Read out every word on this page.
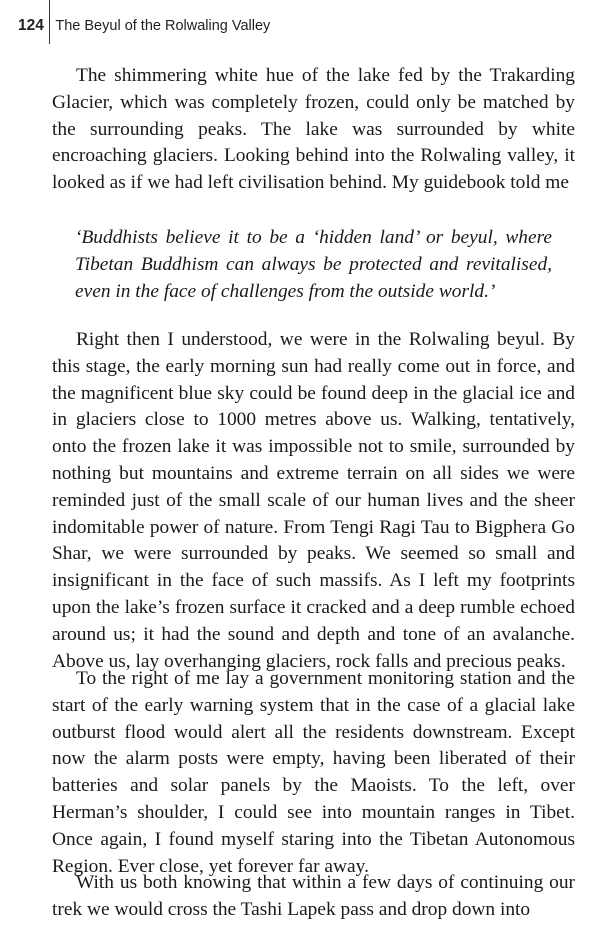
124 The Beyul of the Rolwaling Valley

The shimmering white hue of the lake fed by the Trakarding Glacier, which was completely frozen, could only be matched by the surrounding peaks. The lake was surrounded by white encroaching glaciers. Looking behind into the Rolwaling valley, it looked as if we had left civilisation behind. My guidebook told me

‘Buddhists believe it to be a ‘hidden land’ or beyul, where Tibetan Buddhism can always be protected and revitalised, even in the face of challenges from the outside world.’

Right then I understood, we were in the Rolwaling beyul. By this stage, the early morning sun had really come out in force, and the magnificent blue sky could be found deep in the glacial ice and in glaciers close to 1000 metres above us. Walking, tentatively, onto the frozen lake it was impossible not to smile, surrounded by nothing but mountains and extreme terrain on all sides we were reminded just of the small scale of our human lives and the sheer indomitable power of nature. From Tengi Ragi Tau to Bigphera Go Shar, we were surrounded by peaks. We seemed so small and insignificant in the face of such massifs. As I left my footprints upon the lake’s frozen surface it cracked and a deep rumble echoed around us; it had the sound and depth and tone of an avalanche. Above us, lay overhanging glaciers, rock falls and precious peaks.

To the right of me lay a government monitoring station and the start of the early warning system that in the case of a glacial lake outburst flood would alert all the residents downstream. Except now the alarm posts were empty, having been liberated of their batteries and solar panels by the Maoists. To the left, over Herman’s shoulder, I could see into mountain ranges in Tibet. Once again, I found myself staring into the Tibetan Autonomous Region. Ever close, yet forever far away.

With us both knowing that within a few days of continuing our trek we would cross the Tashi Lapek pass and drop down into
